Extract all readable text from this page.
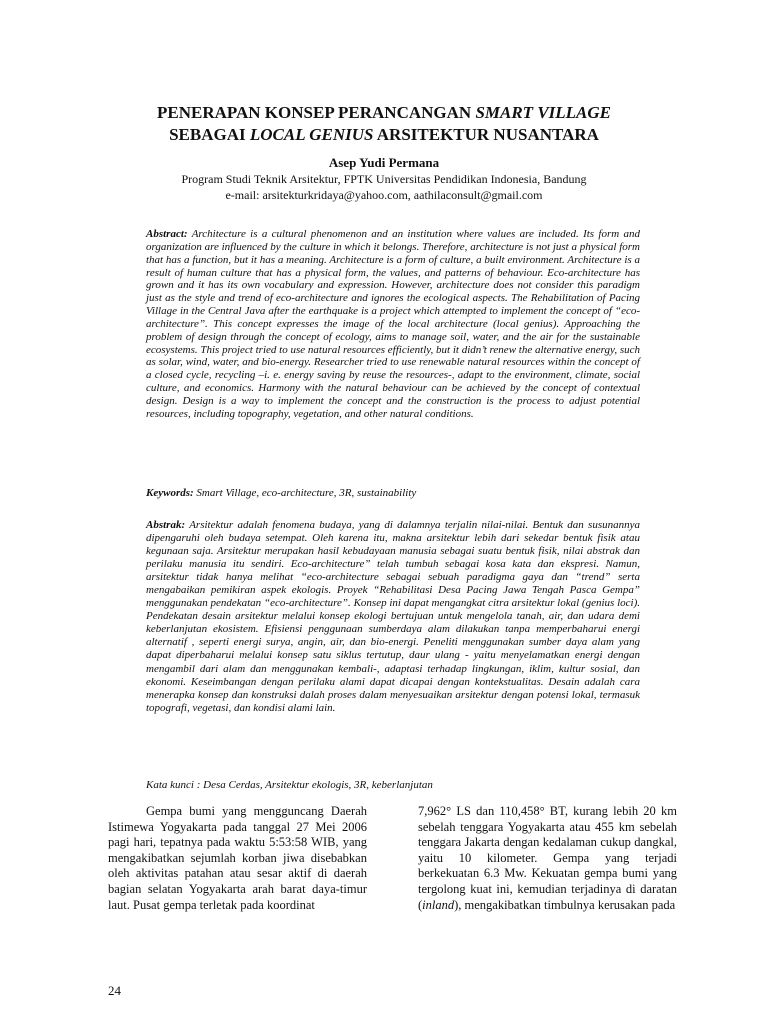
PENERAPAN KONSEP PERANCANGAN SMART VILLAGE
SEBAGAI LOCAL GENIUS ARSITEKTUR NUSANTARA
Asep Yudi Permana
Program Studi Teknik Arsitektur, FPTK Universitas Pendidikan Indonesia, Bandung
e-mail: arsitekturkridaya@yahoo.com, aathilaconsult@gmail.com
Abstract: Architecture is a cultural phenomenon and an institution where values are included. Its form and organization are influenced by the culture in which it belongs. Therefore, architecture is not just a physical form that has a function, but it has a meaning. Architecture is a form of culture, a built environment. Architecture is a result of human culture that has a physical form, the values, and patterns of behaviour. Eco-architecture has grown and it has its own vocabulary and expression. However, architecture does not consider this paradigm just as the style and trend of eco-architecture and ignores the ecological aspects. The Rehabilitation of Pacing Village in the Central Java after the earthquake is a project which attempted to implement the concept of “eco-architecture”. This concept expresses the image of the local architecture (local genius). Approaching the problem of design through the concept of ecology, aims to manage soil, water, and the air for the sustainable ecosystems. This project tried to use natural resources efficiently, but it didn’t renew the alternative energy, such as solar, wind, water, and bio-energy. Researcher tried to use renewable natural resources within the concept of a closed cycle, recycling –i. e. energy saving by reuse the resources-, adapt to the environment, climate, social culture, and economics. Harmony with the natural behaviour can be achieved by the concept of contextual design. Design is a way to implement the concept and the construction is the process to adjust potential resources, including topography, vegetation, and other natural conditions.
Keywords: Smart Village, eco-architecture, 3R, sustainability
Abstrak: Arsitektur adalah fenomena budaya, yang di dalamnya terjalin nilai-nilai. Bentuk dan susunannya dipengaruhi oleh budaya setempat. Oleh karena itu, makna arsitektur lebih dari sekedar bentuk fisik atau kegunaan saja. Arsitektur merupakan hasil kebudayaan manusia sebagai suatu bentuk fisik, nilai abstrak dan perilaku manusia itu sendiri. Eco-architecture” telah tumbuh sebagai kosa kata dan ekspresi. Namun, arsitektur tidak hanya melihat “eco-architecture sebagai sebuah paradigma gaya dan “trend” serta mengabaikan pemikiran aspek ekologis. Proyek “Rehabilitasi Desa Pacing Jawa Tengah Pasca Gempa” menggunakan pendekatan “eco-architecture”. Konsep ini dapat mengangkat citra arsitektur lokal (genius loci). Pendekatan desain arsitektur melalui konsep ekologi bertujuan untuk mengelola tanah, air, dan udara demi keberlanjutan ekosistem. Efisiensi penggunaan sumberdaya alam dilakukan tanpa memperbaharui energi alternatif , seperti energi surya, angin, air, dan bio-energi. Peneliti menggunakan sumber daya alam yang dapat diperbaharui melalui konsep satu siklus tertutup, daur ulang - yaitu menyelamatkan energi dengan mengambil dari alam dan menggunakan kembali-, adaptasi terhadap lingkungan, iklim, kultur sosial, dan ekonomi. Keseimbangan dengan perilaku alami dapat dicapai dengan kontekstualitas. Desain adalah cara menerapka konsep dan konstruksi dalah proses dalam menyesuaikan arsitektur dengan potensi lokal, termasuk topografi, vegetasi, dan kondisi alami lain.
Kata kunci : Desa Cerdas, Arsitektur ekologis, 3R, keberlanjutan
Gempa bumi yang mengguncang Daerah Istimewa Yogyakarta pada tanggal 27 Mei 2006 pagi hari, tepatnya pada waktu 5:53:58 WIB, yang mengakibatkan sejumlah korban jiwa disebabkan oleh aktivitas patahan atau sesar aktif di daerah bagian selatan Yogyakarta arah barat daya-timur laut. Pusat gempa terletak pada koordinat
7,962° LS dan 110,458° BT, kurang lebih 20 km sebelah tenggara Yogyakarta atau 455 km sebelah tenggara Jakarta dengan kedalaman cukup dangkal, yaitu 10 kilometer. Gempa yang terjadi berkekuatan 6.3 Mw. Kekuatan gempa bumi yang tergolong kuat ini, kemudian terjadinya di daratan (inland), mengakibatkan timbulnya kerusakan pada
24
